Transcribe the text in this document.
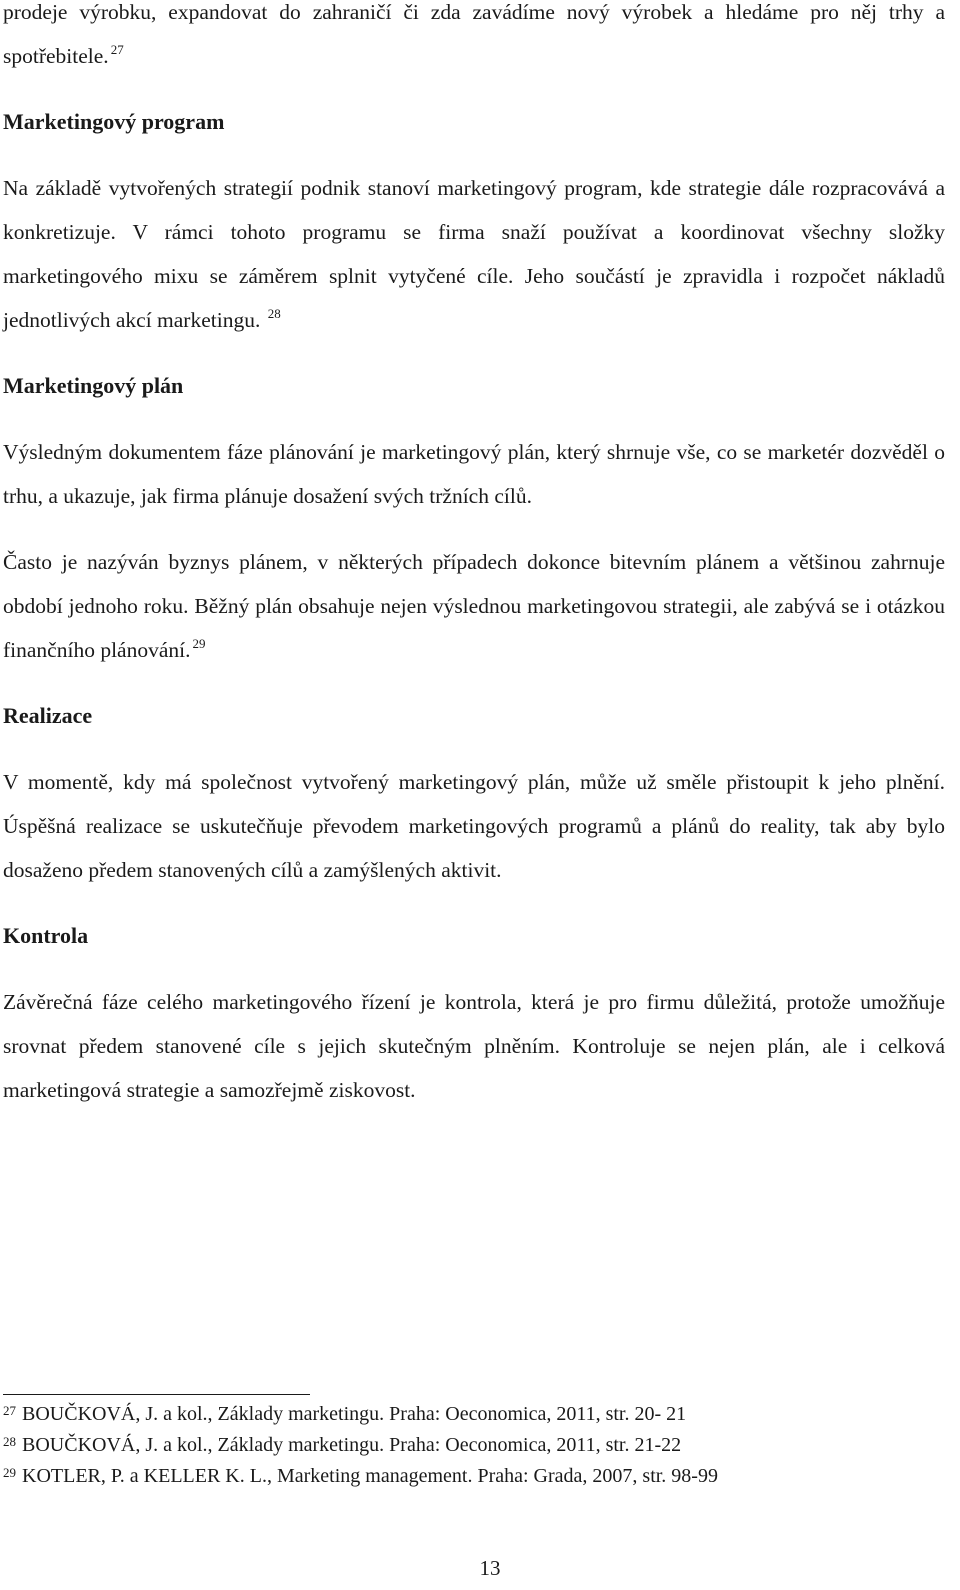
prodeje výrobku, expandovat do zahraničí či zda zavádíme nový výrobek a hledáme pro něj trhy a spotřebitele. $^{27}$

Marketingový program

Na základě vytvořených strategií podnik stanoví marketingový program, kde strategie dále rozpracovává a konkretizuje. V rámci tohoto programu se firma snaží používat a koordinovat všechny složky marketingového mixu se záměrem splnit vytyčené cíle. Jeho součástí je zpravidla i rozpočet nákladů jednotlivých akcí marketingu. $^{28}$

Marketingový plán

Výsledným dokumentem fáze plánování je marketingový plán, který shrnuje vše, co se marketér dozvěděl o trhu, a ukazuje, jak firma plánuje dosažení svých tržních cílů.

Často je nazýván byznys plánem, v některých případech dokonce bitevním plánem a většinou zahrnuje období jednoho roku. Běžný plán obsahuje nejen výslednou marketingovou strategii, ale zabývá se i otázkou finančního plánování. $^{29}$

Realizace

V momentě, kdy má společnost vytvořený marketingový plán, může už směle přistoupit k jeho plnění. Úspěšná realizace se uskutečňuje převodem marketingových programů a plánů do reality, tak aby bylo dosaženo předem stanovených cílů a zamýšlených aktivit.

Kontrola

Závěrečná fáze celého marketingového řízení je kontrola, která je pro firmu důležitá, protože umožňuje srovnat předem stanovené cíle s jejich skutečným plněním. Kontroluje se nejen plán, ale i celková marketingová strategie a samozřejmě ziskovost.

$^{27}$ BOUČKOVÁ, J. a kol., Základy marketingu. Praha: Oeconomica, 2011, str. 20- 21
$^{28}$ BOUČKOVÁ, J. a kol., Základy marketingu. Praha: Oeconomica, 2011, str. 21-22
$^{29}$ KOTLER, P. a KELLER K. L., Marketing management. Praha: Grada, 2007, str. 98-99
13
